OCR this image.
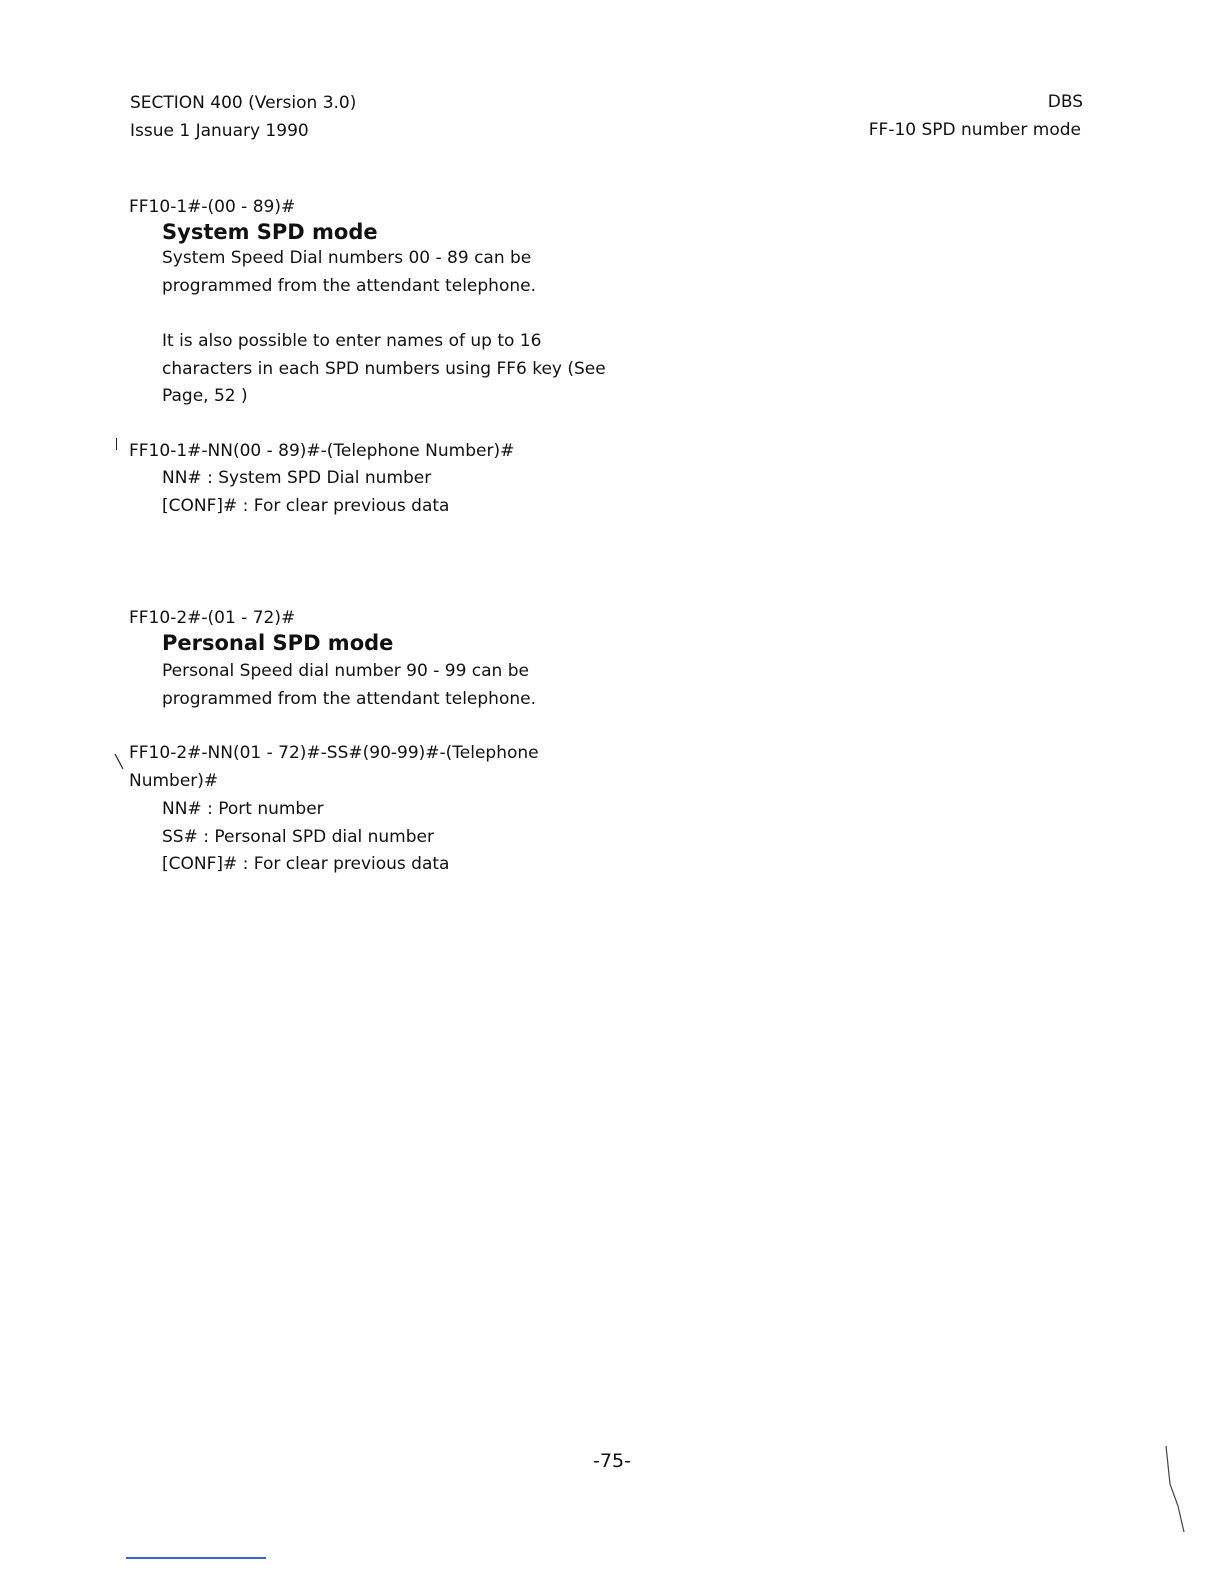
SECTION 400 (Version 3.0)
Issue 1 January 1990
DBS
FF-10 SPD number mode
FF10-1#-(00 - 89)#
System SPD mode
System Speed Dial numbers 00 - 89 can be
programmed from the attendant telephone.
It is also possible to enter names of up to 16
characters in each SPD numbers using FF6 key (See
Page, 52 )
FF10-1#-NN(00 - 89)#-(Telephone Number)#
NN# : System SPD Dial number
[CONF]# : For clear previous data
FF10-2#-(01 - 72)#
Personal SPD mode
Personal Speed dial number 90 - 99 can be
programmed from the attendant telephone.
FF10-2#-NN(01 - 72)#-SS#(90-99)#-(Telephone
Number)#
NN# : Port number
SS# : Personal SPD dial number
[CONF]# : For clear previous data
-75-
